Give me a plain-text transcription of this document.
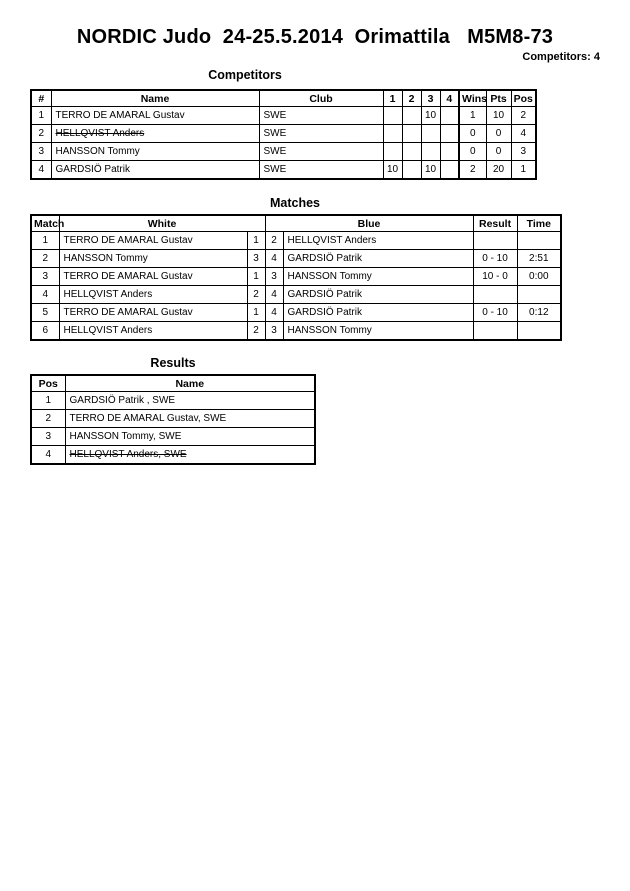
NORDIC Judo  24-25.5.2014  Orimattila   M5M8-73
Competitors: 4
Competitors
#	Name	Club	1	2	3	4	Wins	Pts	Pos
1	TERRO DE AMARAL Gustav	SWE			10		1	10	2
2	HELLQVIST Anders	SWE					0	0	4
3	HANSSON Tommy	SWE					0	0	3
4	GARDSIÖ Patrik	SWE	10		10		2	20	1
Matches
Match	White		Blue		Result	Time
1	TERRO DE AMARAL Gustav	1	2	HELLQVIST Anders		
2	HANSSON Tommy	3	4	GARDSIÖ Patrik	0 - 10	2:51
3	TERRO DE AMARAL Gustav	1	3	HANSSON Tommy	10 - 0	0:00
4	HELLQVIST Anders	2	4	GARDSIÖ Patrik		
5	TERRO DE AMARAL Gustav	1	4	GARDSIÖ Patrik	0 - 10	0:12
6	HELLQVIST Anders	2	3	HANSSON Tommy		
Results
Pos	Name
1	GARDSIÖ Patrik , SWE
2	TERRO DE AMARAL Gustav, SWE
3	HANSSON Tommy, SWE
4	HELLQVIST Anders, SWE
